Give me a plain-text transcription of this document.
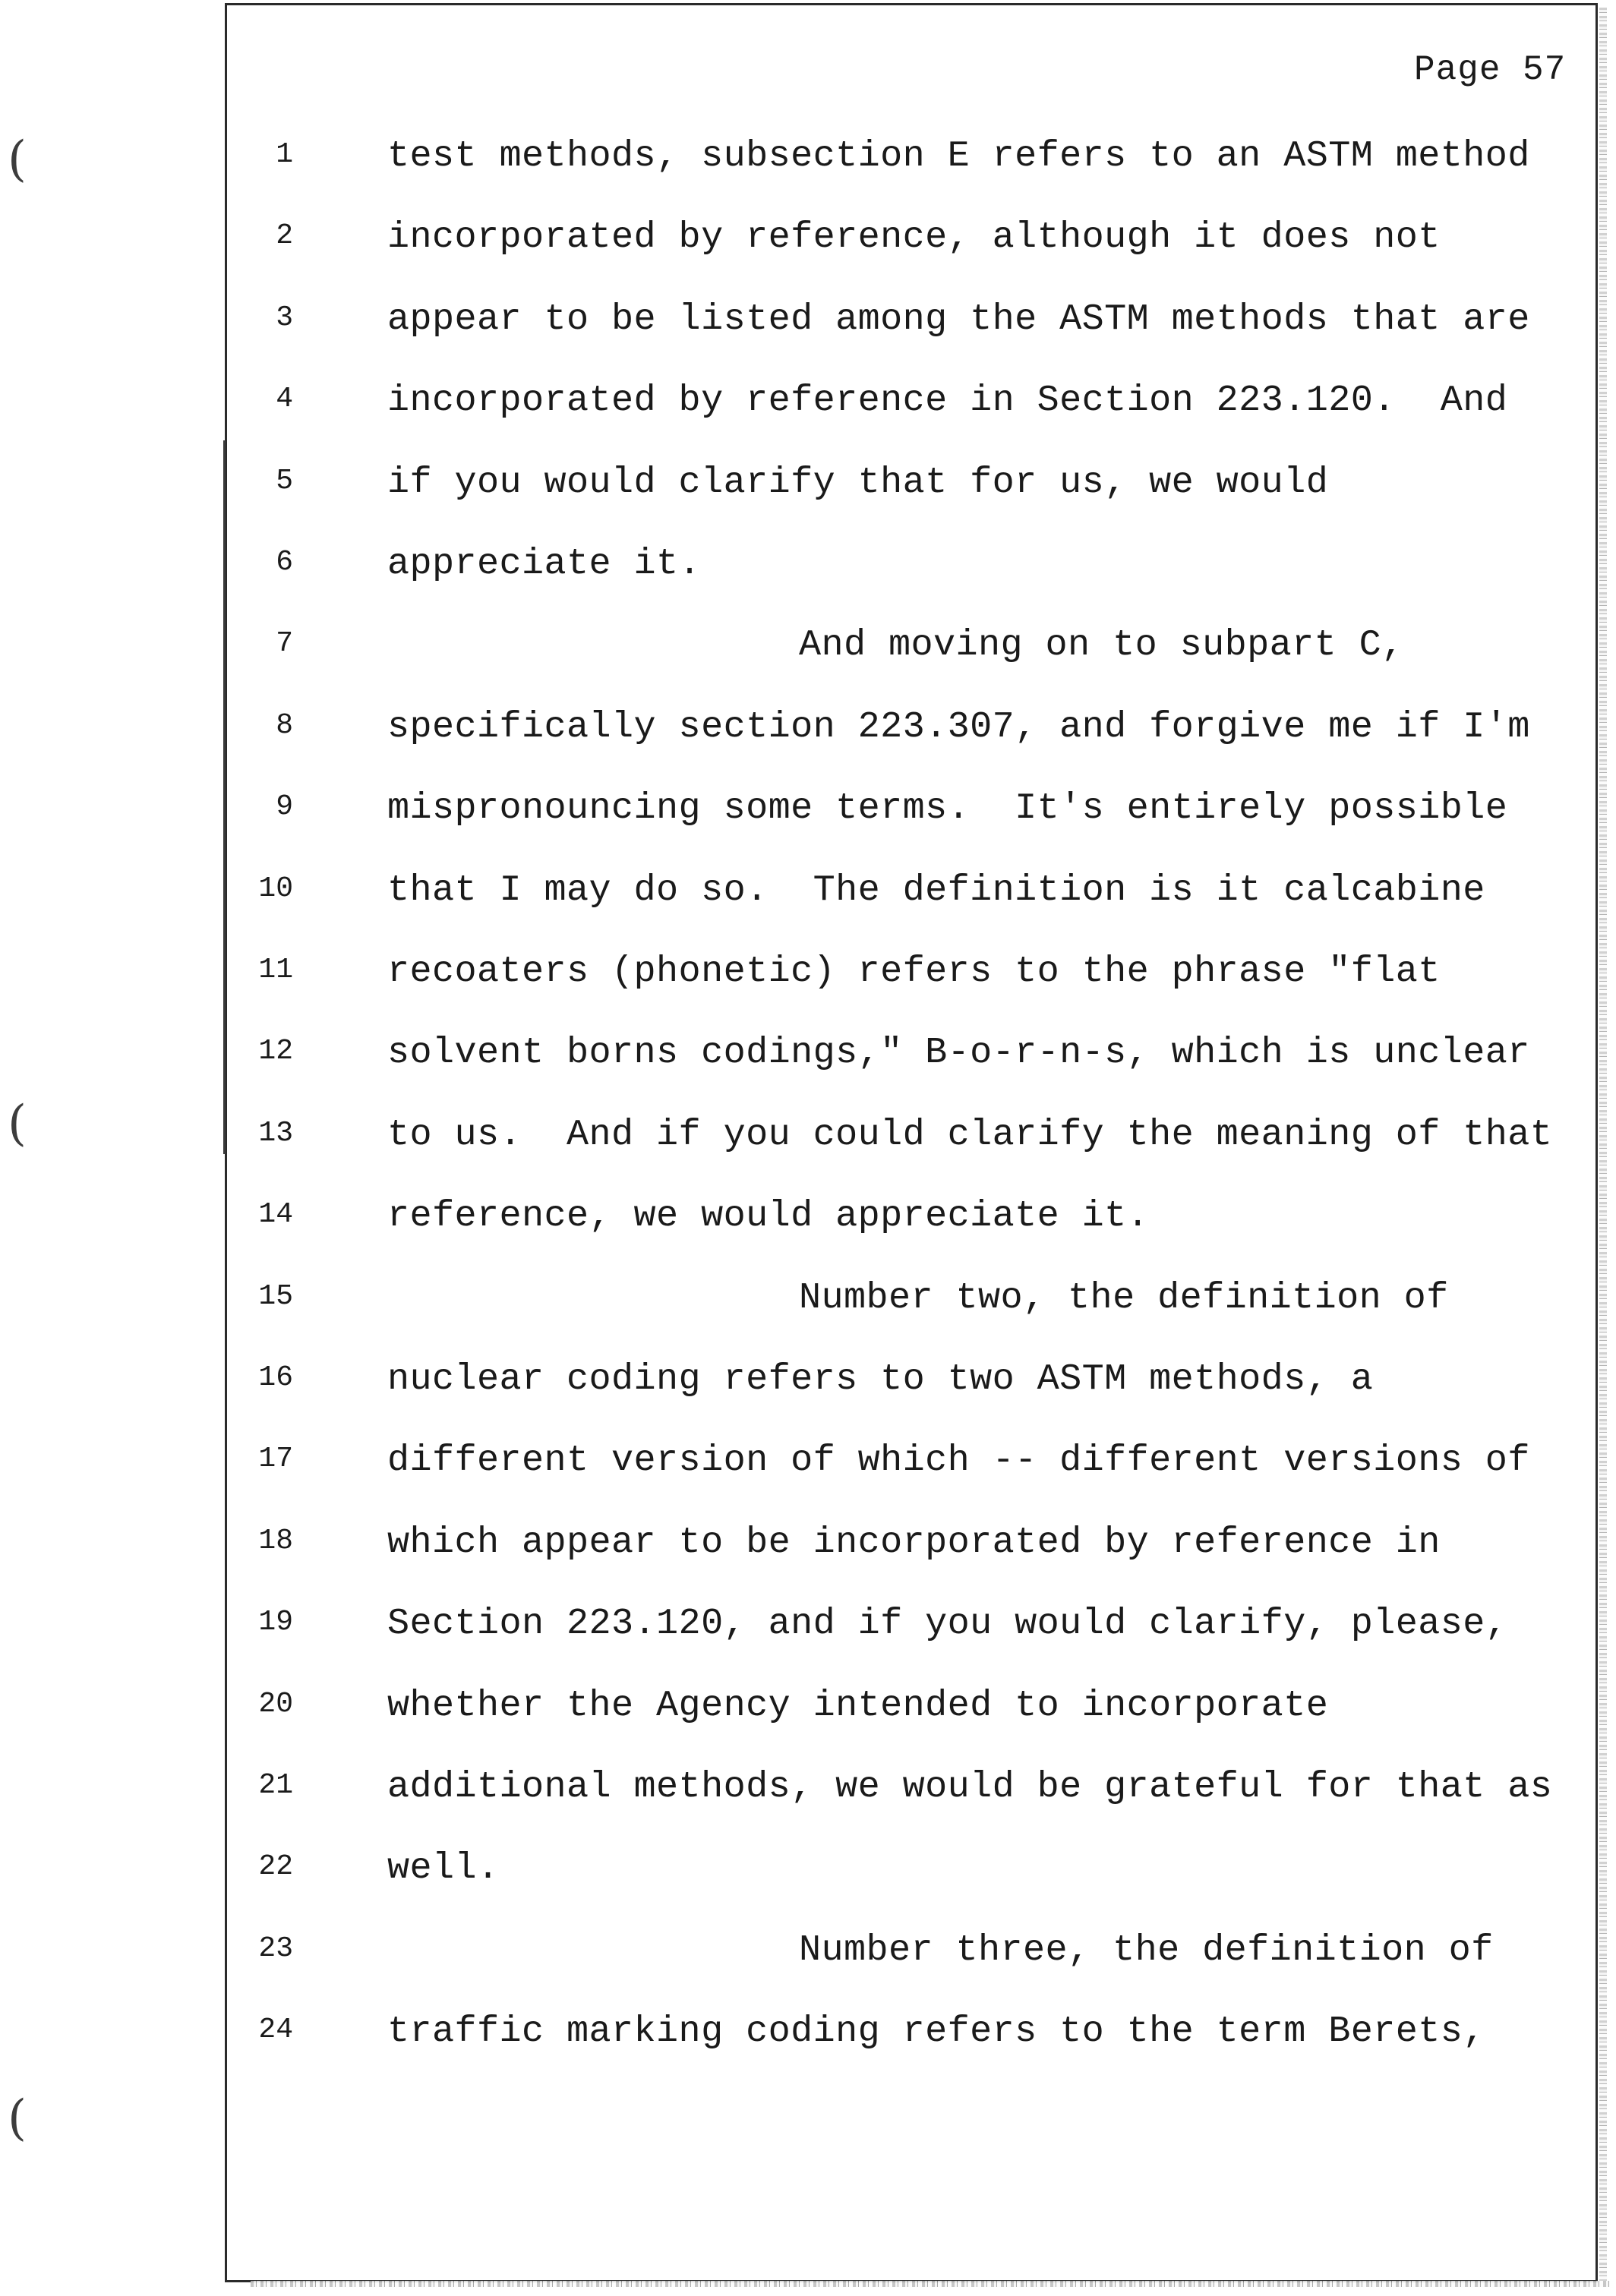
(
(
(
Page 57
1	test methods, subsection E refers to an ASTM method
2	incorporated by reference, although it does not
3	appear to be listed among the ASTM methods that are
4	incorporated by reference in Section 223.120.  And
5	if you would clarify that for us, we would
6	appreciate it.
7	And moving on to subpart C,
8	specifically section 223.307, and forgive me if I'm
9	mispronouncing some terms.  It's entirely possible
10	that I may do so.  The definition is it calcabine
11	recoaters (phonetic) refers to the phrase "flat
12	solvent borns codings," B-o-r-n-s, which is unclear
13	to us.  And if you could clarify the meaning of that
14	reference, we would appreciate it.
15	Number two, the definition of
16	nuclear coding refers to two ASTM methods, a
17	different version of which -- different versions of
18	which appear to be incorporated by reference in
19	Section 223.120, and if you would clarify, please,
20	whether the Agency intended to incorporate
21	additional methods, we would be grateful for that as
22	well.
23	Number three, the definition of
24	traffic marking coding refers to the term Berets,
